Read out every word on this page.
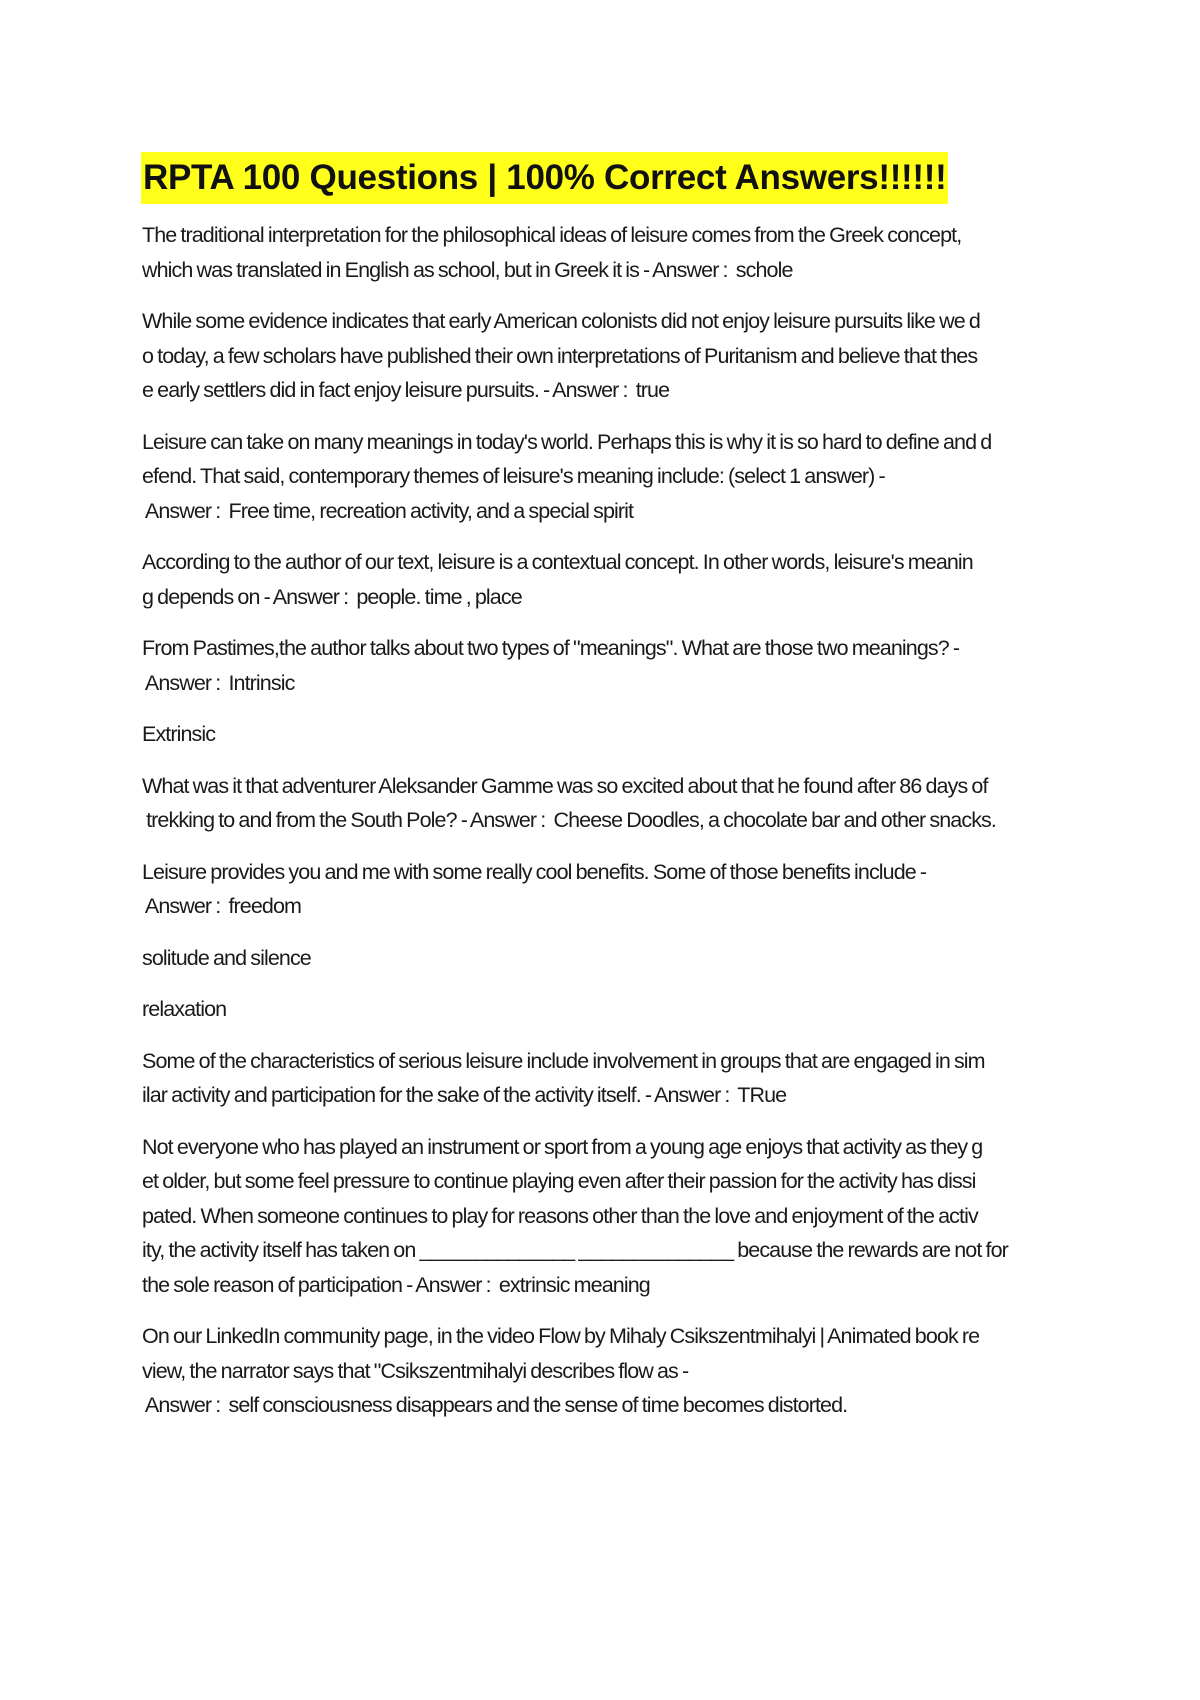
RPTA 100 Questions | 100% Correct Answers!!!!!!
The traditional interpretation for the philosophical ideas of leisure comes from the Greek concept,
which was translated in English as school, but in Greek it is - Answer :  schole
While some evidence indicates that early American colonists did not enjoy leisure pursuits like we d
o today, a few scholars have published their own interpretations of Puritanism and believe that thes
e early settlers did in fact enjoy leisure pursuits. - Answer :  true
Leisure can take on many meanings in today's world. Perhaps this is why it is so hard to define and d
efend. That said, contemporary themes of leisure's meaning include: (select 1 answer) -
Answer :  Free time, recreation activity, and a special spirit
According to the author of our text, leisure is a contextual concept. In other words, leisure's meanin
g depends on - Answer :  people. time , place
From Pastimes,the author talks about two types of "meanings". What are those two meanings? -
Answer :  Intrinsic
Extrinsic
What was it that adventurer Aleksander Gamme was so excited about that he found after 86 days of
trekking to and from the South Pole? - Answer :  Cheese Doodles, a chocolate bar and other snacks.
Leisure provides you and me with some really cool benefits. Some of those benefits include -
Answer :  freedom
solitude and silence
relaxation
Some of the characteristics of serious leisure include involvement in groups that are engaged in sim
ilar activity and participation for the sake of the activity itself. - Answer :  TRue
Not everyone who has played an instrument or sport from a young age enjoys that activity as they g
et older, but some feel pressure to continue playing even after their passion for the activity has dissi
pated. When someone continues to play for reasons other than the love and enjoyment of the activ
ity, the activity itself has taken on ______________ ______________ because the rewards are not for
the sole reason of participation - Answer :  extrinsic meaning
On our LinkedIn community page, in the video Flow by Mihaly Csikszentmihalyi | Animated book re
view, the narrator says that "Csikszentmihalyi describes flow as -
Answer :  self consciousness disappears and the sense of time becomes distorted.
